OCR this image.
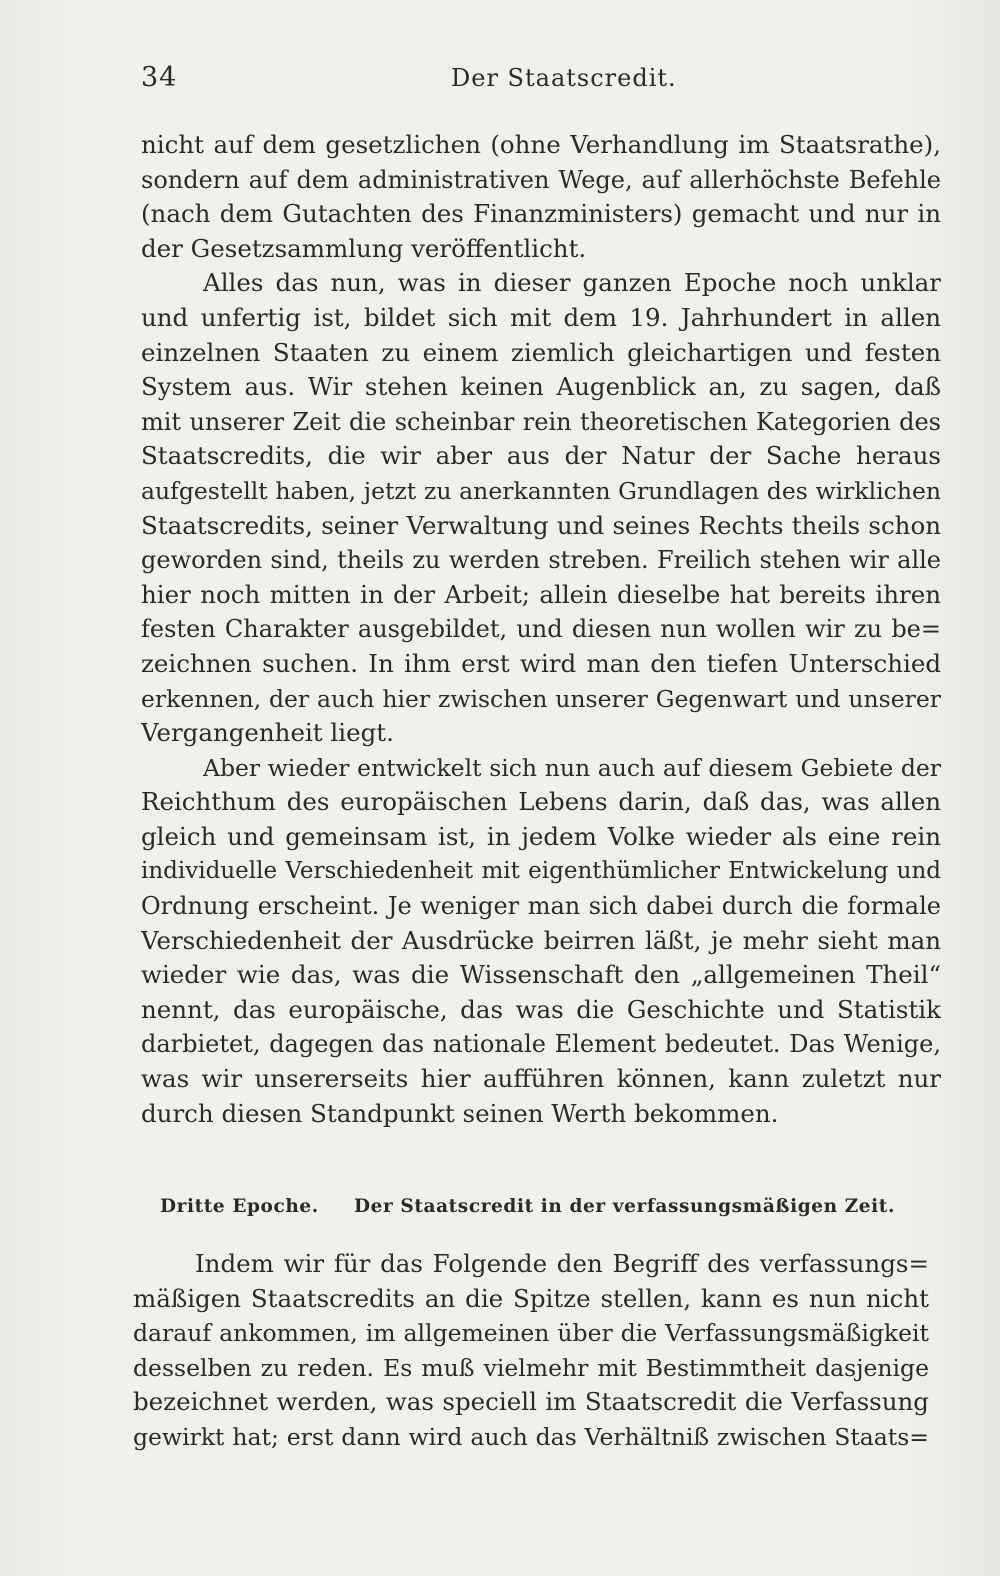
34	Der Staatscredit.
nicht auf dem gesetzlichen (ohne Verhandlung im Staatsrathe),
sondern auf dem administrativen Wege, auf allerhöchste Befehle
(nach dem Gutachten des Finanzministers) gemacht und nur in
der Gesetzsammlung veröffentlicht.
Alles das nun, was in dieser ganzen Epoche noch unklar
und unfertig ist, bildet sich mit dem 19. Jahrhundert in allen
einzelnen Staaten zu einem ziemlich gleichartigen und festen
System aus. Wir stehen keinen Augenblick an, zu sagen, daß
mit unserer Zeit die scheinbar rein theoretischen Kategorien des
Staatscredits, die wir aber aus der Natur der Sache heraus
aufgestellt haben, jetzt zu anerkannten Grundlagen des wirklichen
Staatscredits, seiner Verwaltung und seines Rechts theils schon
geworden sind, theils zu werden streben. Freilich stehen wir alle
hier noch mitten in der Arbeit; allein dieselbe hat bereits ihren
festen Charakter ausgebildet, und diesen nun wollen wir zu be=
zeichnen suchen. In ihm erst wird man den tiefen Unterschied
erkennen, der auch hier zwischen unserer Gegenwart und unserer
Vergangenheit liegt.
Aber wieder entwickelt sich nun auch auf diesem Gebiete der
Reichthum des europäischen Lebens darin, daß das, was allen
gleich und gemeinsam ist, in jedem Volke wieder als eine rein
individuelle Verschiedenheit mit eigenthümlicher Entwickelung und
Ordnung erscheint. Je weniger man sich dabei durch die formale
Verschiedenheit der Ausdrücke beirren läßt, je mehr sieht man
wieder wie das, was die Wissenschaft den „allgemeinen Theil“
nennt, das europäische, das was die Geschichte und Statistik
darbietet, dagegen das nationale Element bedeutet. Das Wenige,
was wir unsererseits hier aufführen können, kann zuletzt nur
durch diesen Standpunkt seinen Werth bekommen.
Dritte Epoche. Der Staatscredit in der verfassungsmäßigen Zeit.
Indem wir für das Folgende den Begriff des verfassungs=
mäßigen Staatscredits an die Spitze stellen, kann es nun nicht
darauf ankommen, im allgemeinen über die Verfassungsmäßigkeit
desselben zu reden. Es muß vielmehr mit Bestimmtheit dasjenige
bezeichnet werden, was speciell im Staatscredit die Verfassung
gewirkt hat; erst dann wird auch das Verhältniß zwischen Staats=
